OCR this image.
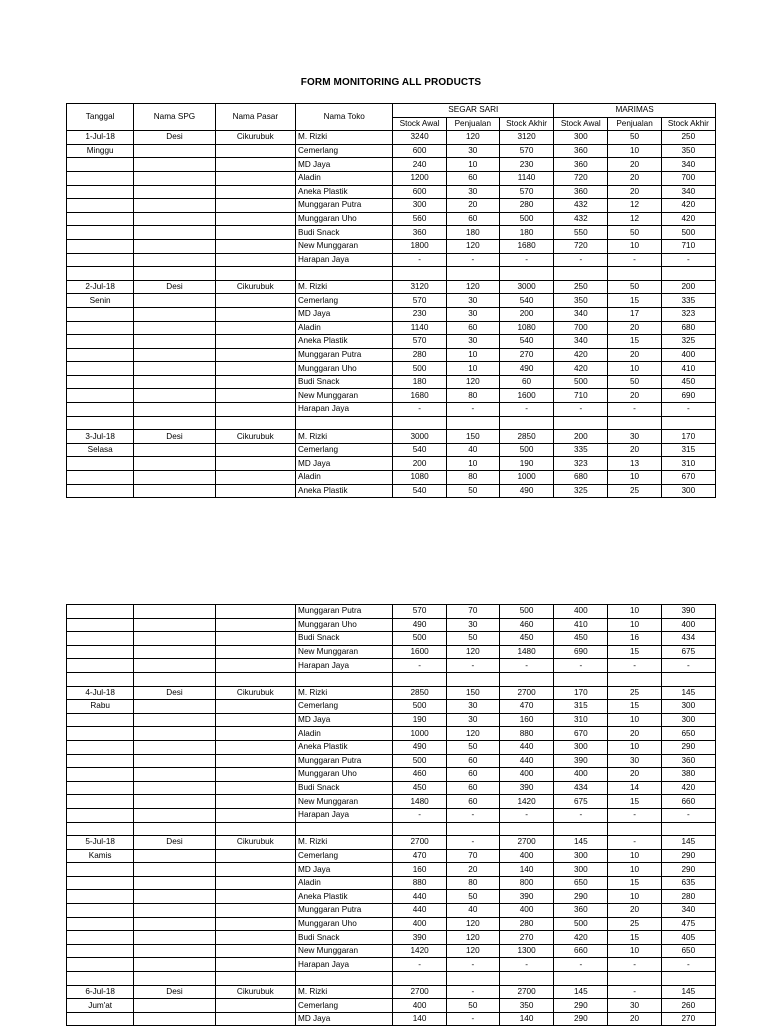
FORM MONITORING ALL PRODUCTS
Tanggal	Nama SPG	Nama Pasar	Nama Toko	SEGAR SARI			MARIMAS		
				Stock Awal	Penjualan	Stock Akhir	Stock Awal	Penjualan	Stock Akhir
1-Jul-18	Desi	Cikurubuk	M. Rizki	3240	120	3120	300	50	250
Minggu			Cemerlang	600	30	570	360	10	350
			MD Jaya	240	10	230	360	20	340
			Aladin	1200	60	1140	720	20	700
			Aneka Plastik	600	30	570	360	20	340
			Munggaran Putra	300	20	280	432	12	420
			Munggaran Uho	560	60	500	432	12	420
			Budi Snack	360	180	180	550	50	500
			New Munggaran	1800	120	1680	720	10	710
			Harapan Jaya	-	-	-	-	-	-

2-Jul-18	Desi	Cikurubuk	M. Rizki	3120	120	3000	250	50	200
Senin			Cemerlang	570	30	540	350	15	335
			MD Jaya	230	30	200	340	17	323
			Aladin	1140	60	1080	700	20	680
			Aneka Plastik	570	30	540	340	15	325
			Munggaran Putra	280	10	270	420	20	400
			Munggaran Uho	500	10	490	420	10	410
			Budi Snack	180	120	60	500	50	450
			New Munggaran	1680	80	1600	710	20	690
			Harapan Jaya	-	-	-	-	-	-

3-Jul-18	Desi	Cikurubuk	M. Rizki	3000	150	2850	200	30	170
Selasa			Cemerlang	540	40	500	335	20	315
			MD Jaya	200	10	190	323	13	310
			Aladin	1080	80	1000	680	10	670
			Aneka Plastik	540	50	490	325	25	300
			Munggaran Putra	570	70	500	400	10	390
			Munggaran Uho	490	30	460	410	10	400
			Budi Snack	500	50	450	450	16	434
			New Munggaran	1600	120	1480	690	15	675
			Harapan Jaya	-	-	-	-	-	-

4-Jul-18	Desi	Cikurubuk	M. Rizki	2850	150	2700	170	25	145
Rabu			Cemerlang	500	30	470	315	15	300
			MD Jaya	190	30	160	310	10	300
			Aladin	1000	120	880	670	20	650
			Aneka Plastik	490	50	440	300	10	290
			Munggaran Putra	500	60	440	390	30	360
			Munggaran Uho	460	60	400	400	20	380
			Budi Snack	450	60	390	434	14	420
			New Munggaran	1480	60	1420	675	15	660
			Harapan Jaya	-	-	-	-	-	-

5-Jul-18	Desi	Cikurubuk	M. Rizki	2700	-	2700	145	-	145
Kamis			Cemerlang	470	70	400	300	10	290
			MD Jaya	160	20	140	300	10	290
			Aladin	880	80	800	650	15	635
			Aneka Plastik	440	50	390	290	10	280
			Munggaran Putra	440	40	400	360	20	340
			Munggaran Uho	400	120	280	500	25	475
			Budi Snack	390	120	270	420	15	405
			New Munggaran	1420	120	1300	660	10	650
			Harapan Jaya	-	-	-	-	-	-

6-Jul-18	Desi	Cikurubuk	M. Rizki	2700	-	2700	145	-	145
Jum'at			Cemerlang	400	50	350	290	30	260
			MD Jaya	140	-	140	290	20	270
